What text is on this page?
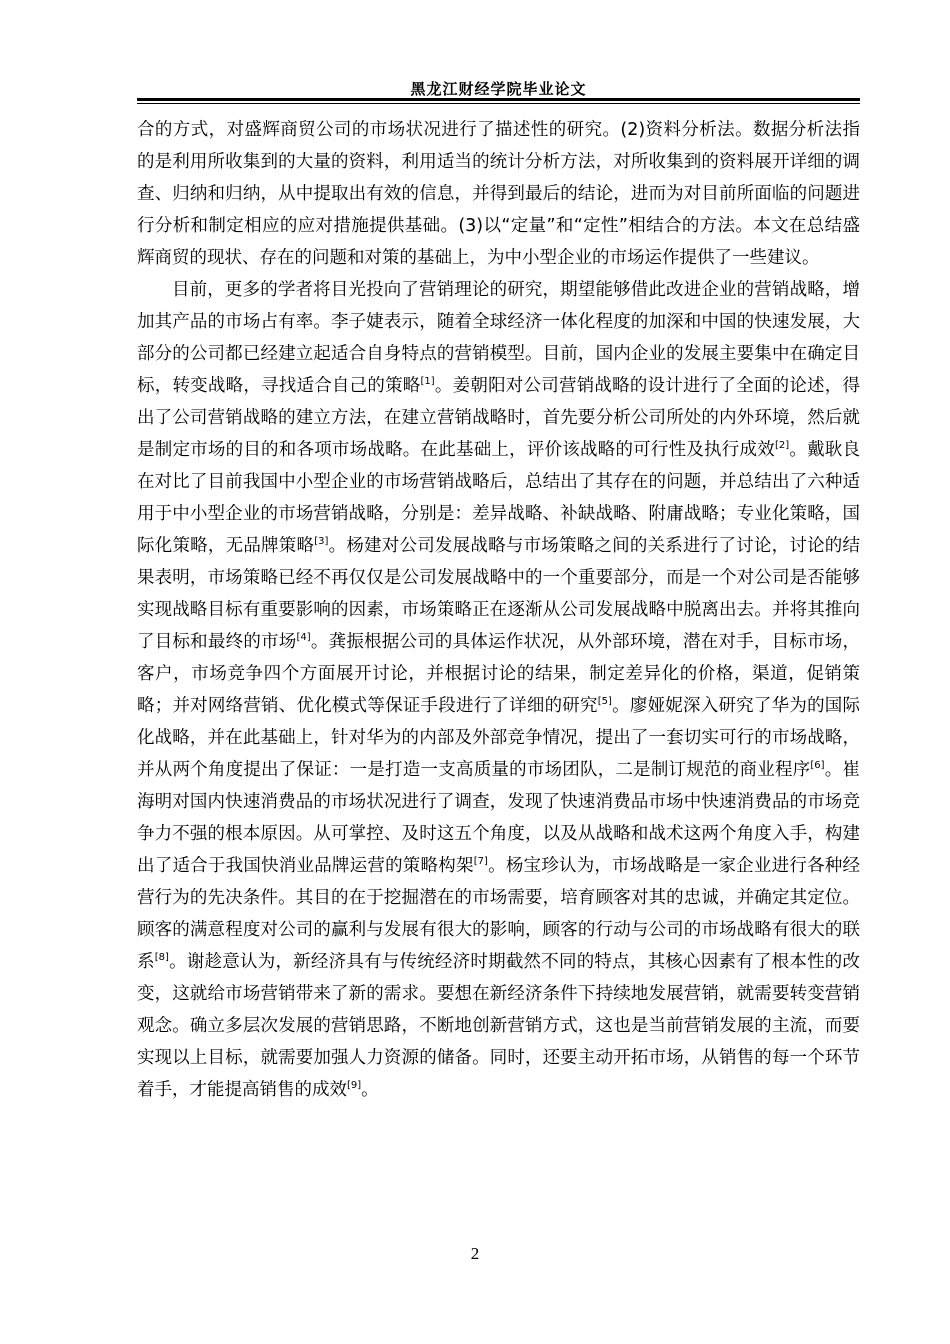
黑龙江财经学院毕业论文

合的方式，对盛辉商贸公司的市场状况进行了描述性的研究。(2)资料分析法。数据分析法指的是利用所收集到的大量的资料，利用适当的统计分析方法，对所收集到的资料展开详细的调查、归纳和归纳，从中提取出有效的信息，并得到最后的结论，进而为对目前所面临的问题进行分析和制定相应的应对措施提供基础。(3)以“定量”和“定性”相结合的方法。本文在总结盛辉商贸的现状、存在的问题和对策的基础上，为中小型企业的市场运作提供了一些建议。

目前，更多的学者将目光投向了营销理论的研究，期望能够借此改进企业的营销战略，增加其产品的市场占有率。李子婕表示，随着全球经济一体化程度的加深和中国的快速发展，大部分的公司都已经建立起适合自身特点的营销模型。目前，国内企业的发展主要集中在确定目标，转变战略，寻找适合自己的策略[1]。姜朝阳对公司营销战略的设计进行了全面的论述，得出了公司营销战略的建立方法，在建立营销战略时，首先要分析公司所处的内外环境，然后就是制定市场的目的和各项市场战略。在此基础上，评价该战略的可行性及执行成效[2]。戴耿良在对比了目前我国中小型企业的市场营销战略后，总结出了其存在的问题，并总结出了六种适用于中小型企业的市场营销战略，分别是：差异战略、补缺战略、附庸战略；专业化策略，国际化策略，无品牌策略[3]。杨建对公司发展战略与市场策略之间的关系进行了讨论，讨论的结果表明，市场策略已经不再仅仅是公司发展战略中的一个重要部分，而是一个对公司是否能够实现战略目标有重要影响的因素，市场策略正在逐渐从公司发展战略中脱离出去。并将其推向了目标和最终的市场[4]。龚振根据公司的具体运作状况，从外部环境，潜在对手，目标市场，客户，市场竞争四个方面展开讨论，并根据讨论的结果，制定差异化的价格，渠道，促销策略；并对网络营销、优化模式等保证手段进行了详细的研究[5]。廖娅妮深入研究了华为的国际化战略，并在此基础上，针对华为的内部及外部竞争情况，提出了一套切实可行的市场战略，并从两个角度提出了保证：一是打造一支高质量的市场团队，二是制订规范的商业程序[6]。崔海明对国内快速消费品的市场状况进行了调查，发现了快速消费品市场中快速消费品的市场竞争力不强的根本原因。从可掌控、及时这五个角度，以及从战略和战术这两个角度入手，构建出了适合于我国快消业品牌运营的策略构架[7]。杨宝珍认为，市场战略是一家企业进行各种经营行为的先决条件。其目的在于挖掘潜在的市场需要，培育顾客对其的忠诚，并确定其定位。顾客的满意程度对公司的赢利与发展有很大的影响，顾客的行动与公司的市场战略有很大的联系[8]。谢趁意认为，新经济具有与传统经济时期截然不同的特点，其核心因素有了根本性的改变，这就给市场营销带来了新的需求。要想在新经济条件下持续地发展营销，就需要转变营销观念。确立多层次发展的营销思路，不断地创新营销方式，这也是当前营销发展的主流，而要实现以上目标，就需要加强人力资源的储备。同时，还要主动开拓市场，从销售的每一个环节着手，才能提高销售的成效[9]。

2
